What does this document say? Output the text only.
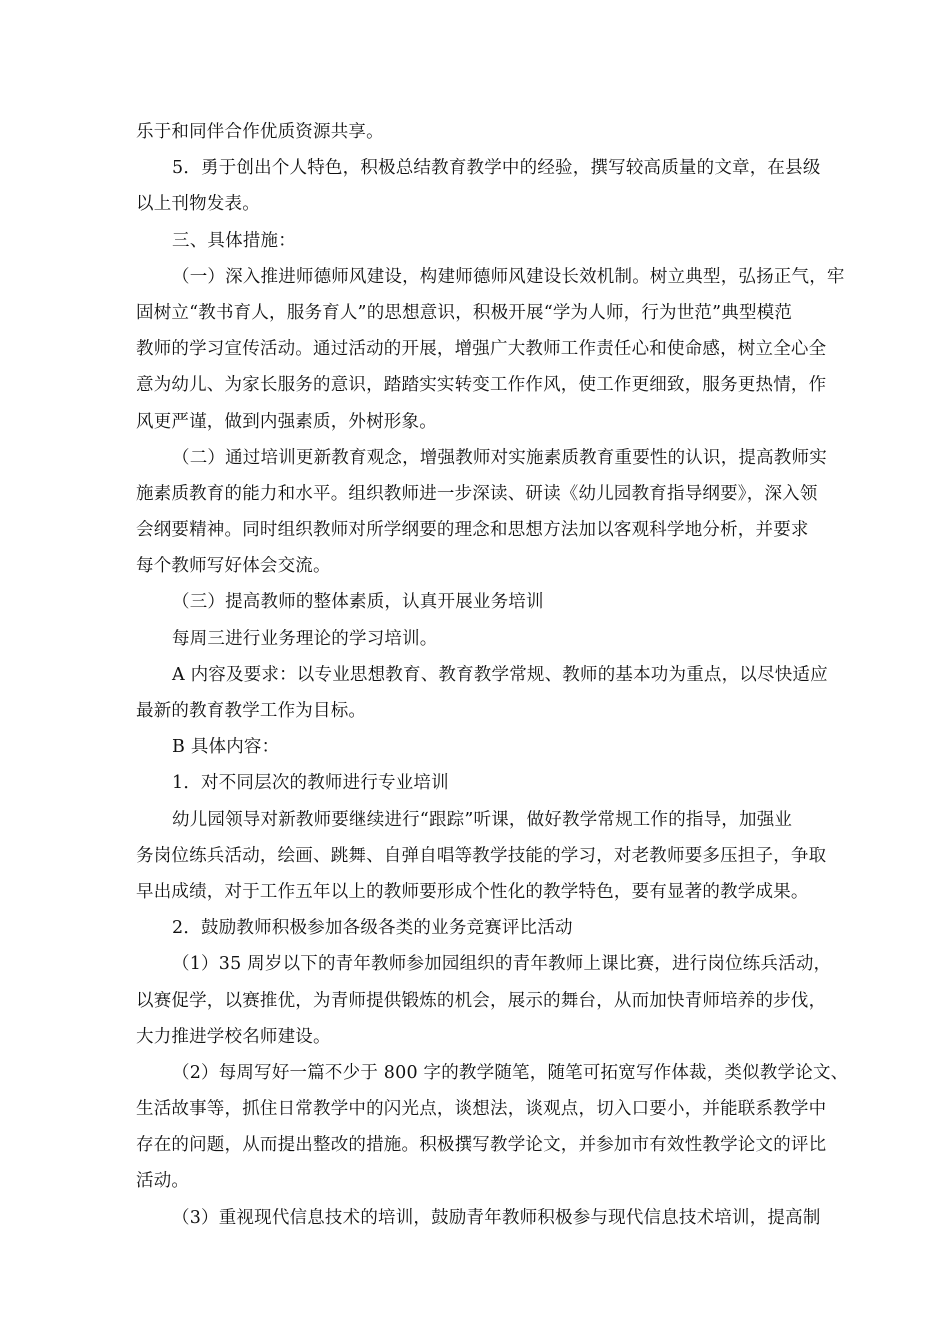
乐于和同伴合作优质资源共享。
5．勇于创出个人特色，积极总结教育教学中的经验，撰写较高质量的文章，在县级
以上刊物发表。
三、具体措施：
（一）深入推进师德师风建设，构建师德师风建设长效机制。树立典型，弘扬正气，牢
固树立“教书育人，服务育人”的思想意识，积极开展“学为人师，行为世范”典型模范
教师的学习宣传活动。通过活动的开展，增强广大教师工作责任心和使命感，树立全心全
意为幼儿、为家长服务的意识，踏踏实实转变工作作风，使工作更细致，服务更热情，作
风更严谨，做到内强素质，外树形象。
（二）通过培训更新教育观念，增强教师对实施素质教育重要性的认识，提高教师实
施素质教育的能力和水平。组织教师进一步深读、研读《幼儿园教育指导纲要》，深入领
会纲要精神。同时组织教师对所学纲要的理念和思想方法加以客观科学地分析，并要求
每个教师写好体会交流。
（三）提高教师的整体素质，认真开展业务培训
每周三进行业务理论的学习培训。
A 内容及要求：以专业思想教育、教育教学常规、教师的基本功为重点，以尽快适应
最新的教育教学工作为目标。
B 具体内容：
1．对不同层次的教师进行专业培训
幼儿园领导对新教师要继续进行“跟踪”听课，做好教学常规工作的指导，加强业
务岗位练兵活动，绘画、跳舞、自弹自唱等教学技能的学习，对老教师要多压担子，争取
早出成绩，对于工作五年以上的教师要形成个性化的教学特色，要有显著的教学成果。
2．鼓励教师积极参加各级各类的业务竞赛评比活动
（1）35 周岁以下的青年教师参加园组织的青年教师上课比赛，进行岗位练兵活动，
以赛促学，以赛推优，为青师提供锻炼的机会，展示的舞台，从而加快青师培养的步伐，
大力推进学校名师建设。
（2）每周写好一篇不少于 800 字的教学随笔，随笔可拓宽写作体裁，类似教学论文、
生活故事等，抓住日常教学中的闪光点，谈想法，谈观点，切入口要小，并能联系教学中
存在的问题，从而提出整改的措施。积极撰写教学论文，并参加市有效性教学论文的评比
活动。
（3）重视现代信息技术的培训，鼓励青年教师积极参与现代信息技术培训，提高制
